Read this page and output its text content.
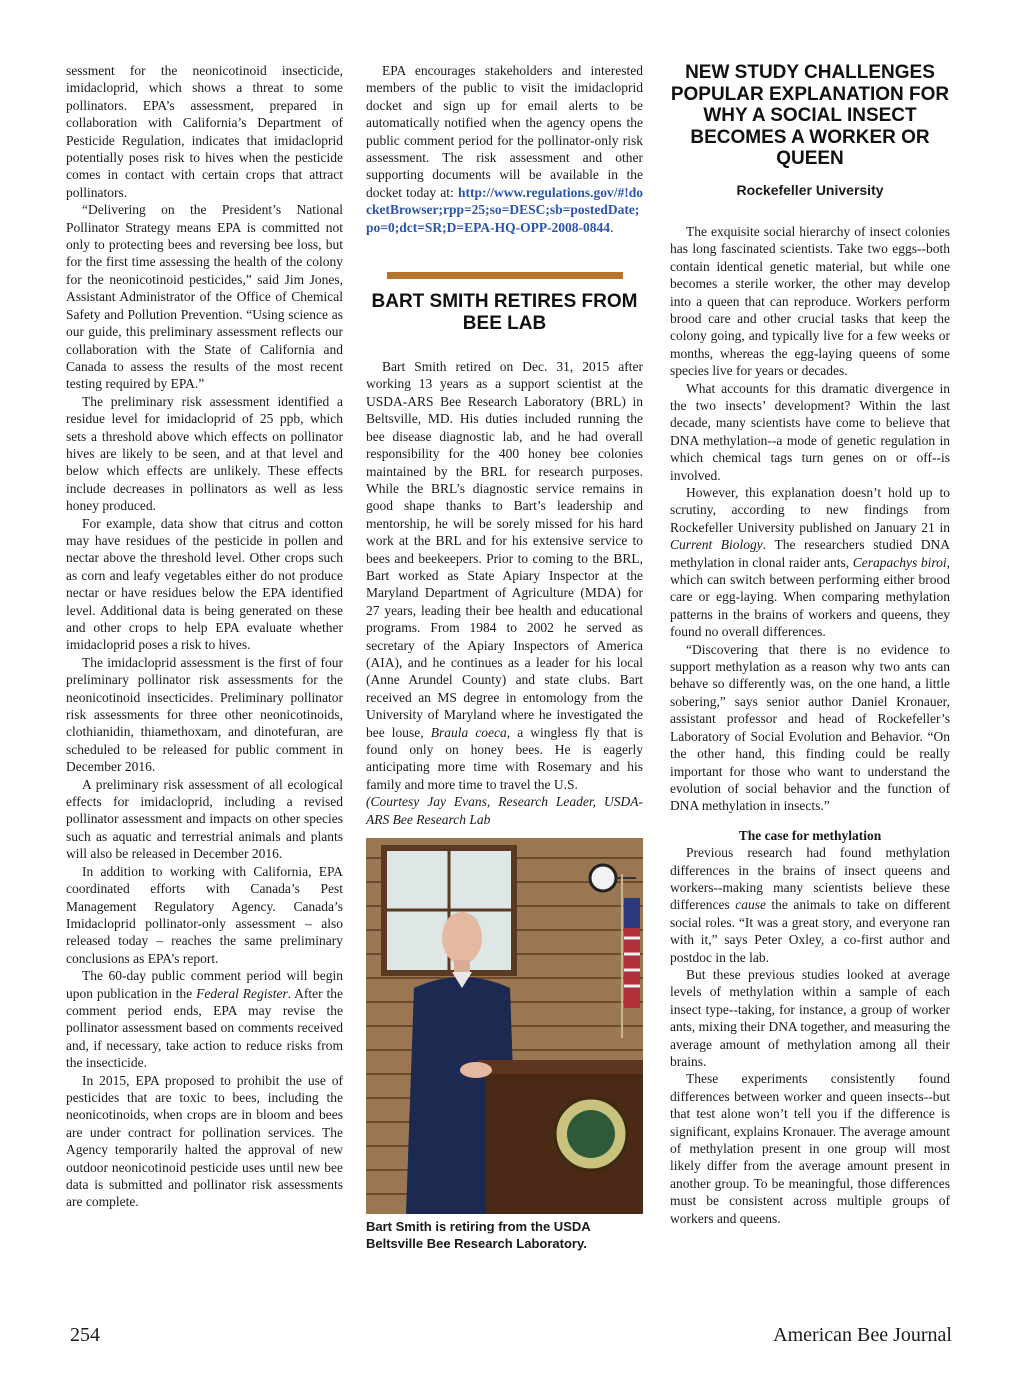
sessment for the neonicotinoid insecticide, imidacloprid, which shows a threat to some pollinators. EPA’s assessment, prepared in collaboration with California’s Department of Pesticide Regulation, indicates that imidacloprid potentially poses risk to hives when the pesticide comes in contact with certain crops that attract pollinators.

“Delivering on the President’s National Pollinator Strategy means EPA is committed not only to protecting bees and reversing bee loss, but for the first time assessing the health of the colony for the neonicotinoid pesticides,” said Jim Jones, Assistant Administrator of the Office of Chemical Safety and Pollution Prevention. “Using science as our guide, this preliminary assessment reflects our collaboration with the State of California and Canada to assess the results of the most recent testing required by EPA.”

The preliminary risk assessment identified a residue level for imidacloprid of 25 ppb, which sets a threshold above which effects on pollinator hives are likely to be seen, and at that level and below which effects are unlikely. These effects include decreases in pollinators as well as less honey produced.

For example, data show that citrus and cotton may have residues of the pesticide in pollen and nectar above the threshold level. Other crops such as corn and leafy vegetables either do not produce nectar or have residues below the EPA identified level. Additional data is being generated on these and other crops to help EPA evaluate whether imidacloprid poses a risk to hives.

The imidacloprid assessment is the first of four preliminary pollinator risk assessments for the neonicotinoid insecticides. Preliminary pollinator risk assessments for three other neonicotinoids, clothianidin, thiamethoxam, and dinotefuran, are scheduled to be released for public comment in December 2016.

A preliminary risk assessment of all ecological effects for imidacloprid, including a revised pollinator assessment and impacts on other species such as aquatic and terrestrial animals and plants will also be released in December 2016.

In addition to working with California, EPA coordinated efforts with Canada’s Pest Management Regulatory Agency. Canada’s Imidacloprid pollinator-only assessment – also released today – reaches the same preliminary conclusions as EPA’s report.

The 60-day public comment period will begin upon publication in the Federal Register. After the comment period ends, EPA may revise the pollinator assessment based on comments received and, if necessary, take action to reduce risks from the insecticide.

In 2015, EPA proposed to prohibit the use of pesticides that are toxic to bees, including the neonicotinoids, when crops are in bloom and bees are under contract for pollination services. The Agency temporarily halted the approval of new outdoor neonicotinoid pesticide uses until new bee data is submitted and pollinator risk assessments are complete.

EPA encourages stakeholders and interested members of the public to visit the imidacloprid docket and sign up for email alerts to be automatically notified when the agency opens the public comment period for the pollinator-only risk assessment. The risk assessment and other supporting documents will be available in the docket today at: http://www.regulations.gov/#!docketBrowser;rpp=25;so=DESC;sb=postedDate;po=0;dct=SR;D=EPA-HQ-OPP-2008-0844.

BART SMITH RETIRES FROM BEE LAB

Bart Smith retired on Dec. 31, 2015 after working 13 years as a support scientist at the USDA-ARS Bee Research Laboratory (BRL) in Beltsville, MD. His duties included running the bee disease diagnostic lab, and he had overall responsibility for the 400 honey bee colonies maintained by the BRL for research purposes. While the BRL’s diagnostic service remains in good shape thanks to Bart’s leadership and mentorship, he will be sorely missed for his hard work at the BRL and for his extensive service to bees and beekeepers. Prior to coming to the BRL, Bart worked as State Apiary Inspector at the Maryland Department of Agriculture (MDA) for 27 years, leading their bee health and educational programs. From 1984 to 2002 he served as secretary of the Apiary Inspectors of America (AIA), and he continues as a leader for his local (Anne Arundel County) and state clubs. Bart received an MS degree in entomology from the University of Maryland where he investigated the bee louse, Braula coeca, a wingless fly that is found only on honey bees. He is eagerly anticipating more time with Rosemary and his family and more time to travel the U.S.

(Courtesy Jay Evans, Research Leader, USDA-ARS Bee Research Lab

Bart Smith is retiring from the USDA Beltsville Bee Research Laboratory.
NEW STUDY CHALLENGES POPULAR EXPLANATION FOR WHY A SOCIAL INSECT BECOMES A WORKER OR QUEEN
Rockefeller University

The exquisite social hierarchy of insect colonies has long fascinated scientists. Take two eggs--both contain identical genetic material, but while one becomes a sterile worker, the other may develop into a queen that can reproduce. Workers perform brood care and other crucial tasks that keep the colony going, and typically live for a few weeks or months, whereas the egg-laying queens of some species live for years or decades.

What accounts for this dramatic divergence in the two insects’ development? Within the last decade, many scientists have come to believe that DNA methylation--a mode of genetic regulation in which chemical tags turn genes on or off--is involved.

However, this explanation doesn’t hold up to scrutiny, according to new findings from Rockefeller University published on January 21 in Current Biology. The researchers studied DNA methylation in clonal raider ants, Cerapachys biroi, which can switch between performing either brood care or egg-laying. When comparing methylation patterns in the brains of workers and queens, they found no overall differences.

“Discovering that there is no evidence to support methylation as a reason why two ants can behave so differently was, on the one hand, a little sobering,” says senior author Daniel Kronauer, assistant professor and head of Rockefeller’s Laboratory of Social Evolution and Behavior. “On the other hand, this finding could be really important for those who want to understand the evolution of social behavior and the function of DNA methylation in insects.”

The case for methylation

Previous research had found methylation differences in the brains of insect queens and workers--making many scientists believe these differences cause the animals to take on different social roles. “It was a great story, and everyone ran with it,” says Peter Oxley, a co-first author and postdoc in the lab.

But these previous studies looked at average levels of methylation within a sample of each insect type--taking, for instance, a group of worker ants, mixing their DNA together, and measuring the average amount of methylation among all their brains.

These experiments consistently found differences between worker and queen insects--but that test alone won’t tell you if the difference is significant, explains Kronauer. The average amount of methylation present in one group will most likely differ from the average amount present in another group. To be meaningful, those differences must be consistent across multiple groups of workers and queens.

254	American Bee Journal
